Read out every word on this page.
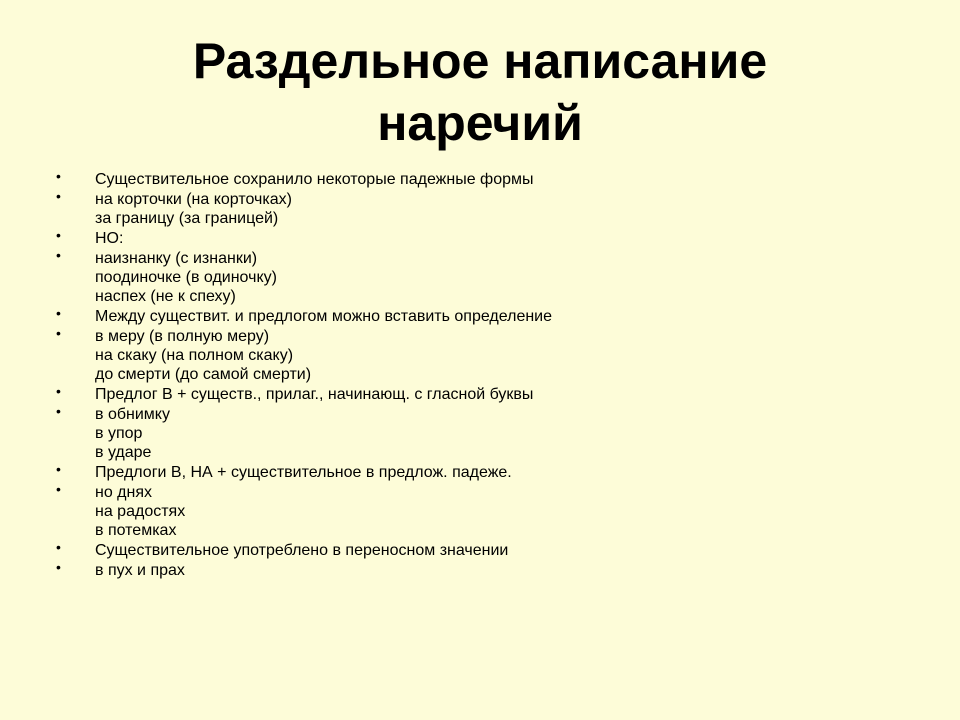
Раздельное написание
наречий
• Существительное сохранило некоторые падежные формы
• на корточки (на корточках)
за границу (за границей)
• НО:
• наизнанку (с изнанки)
поодиночке (в одиночку)
наспех (не к спеху)
• Между существит. и предлогом можно вставить определение
• в меру (в полную меру)
на скаку (на полном скаку)
до смерти (до самой смерти)
• Предлог В + существ., прилаг., начинающ. с гласной буквы
• в обнимку
в упор
в ударе
• Предлоги В, НА + существительное в предлож. падеже.
• но днях
на радостях
в потемках
• Существительное употреблено в переносном значении
• в пух и прах
